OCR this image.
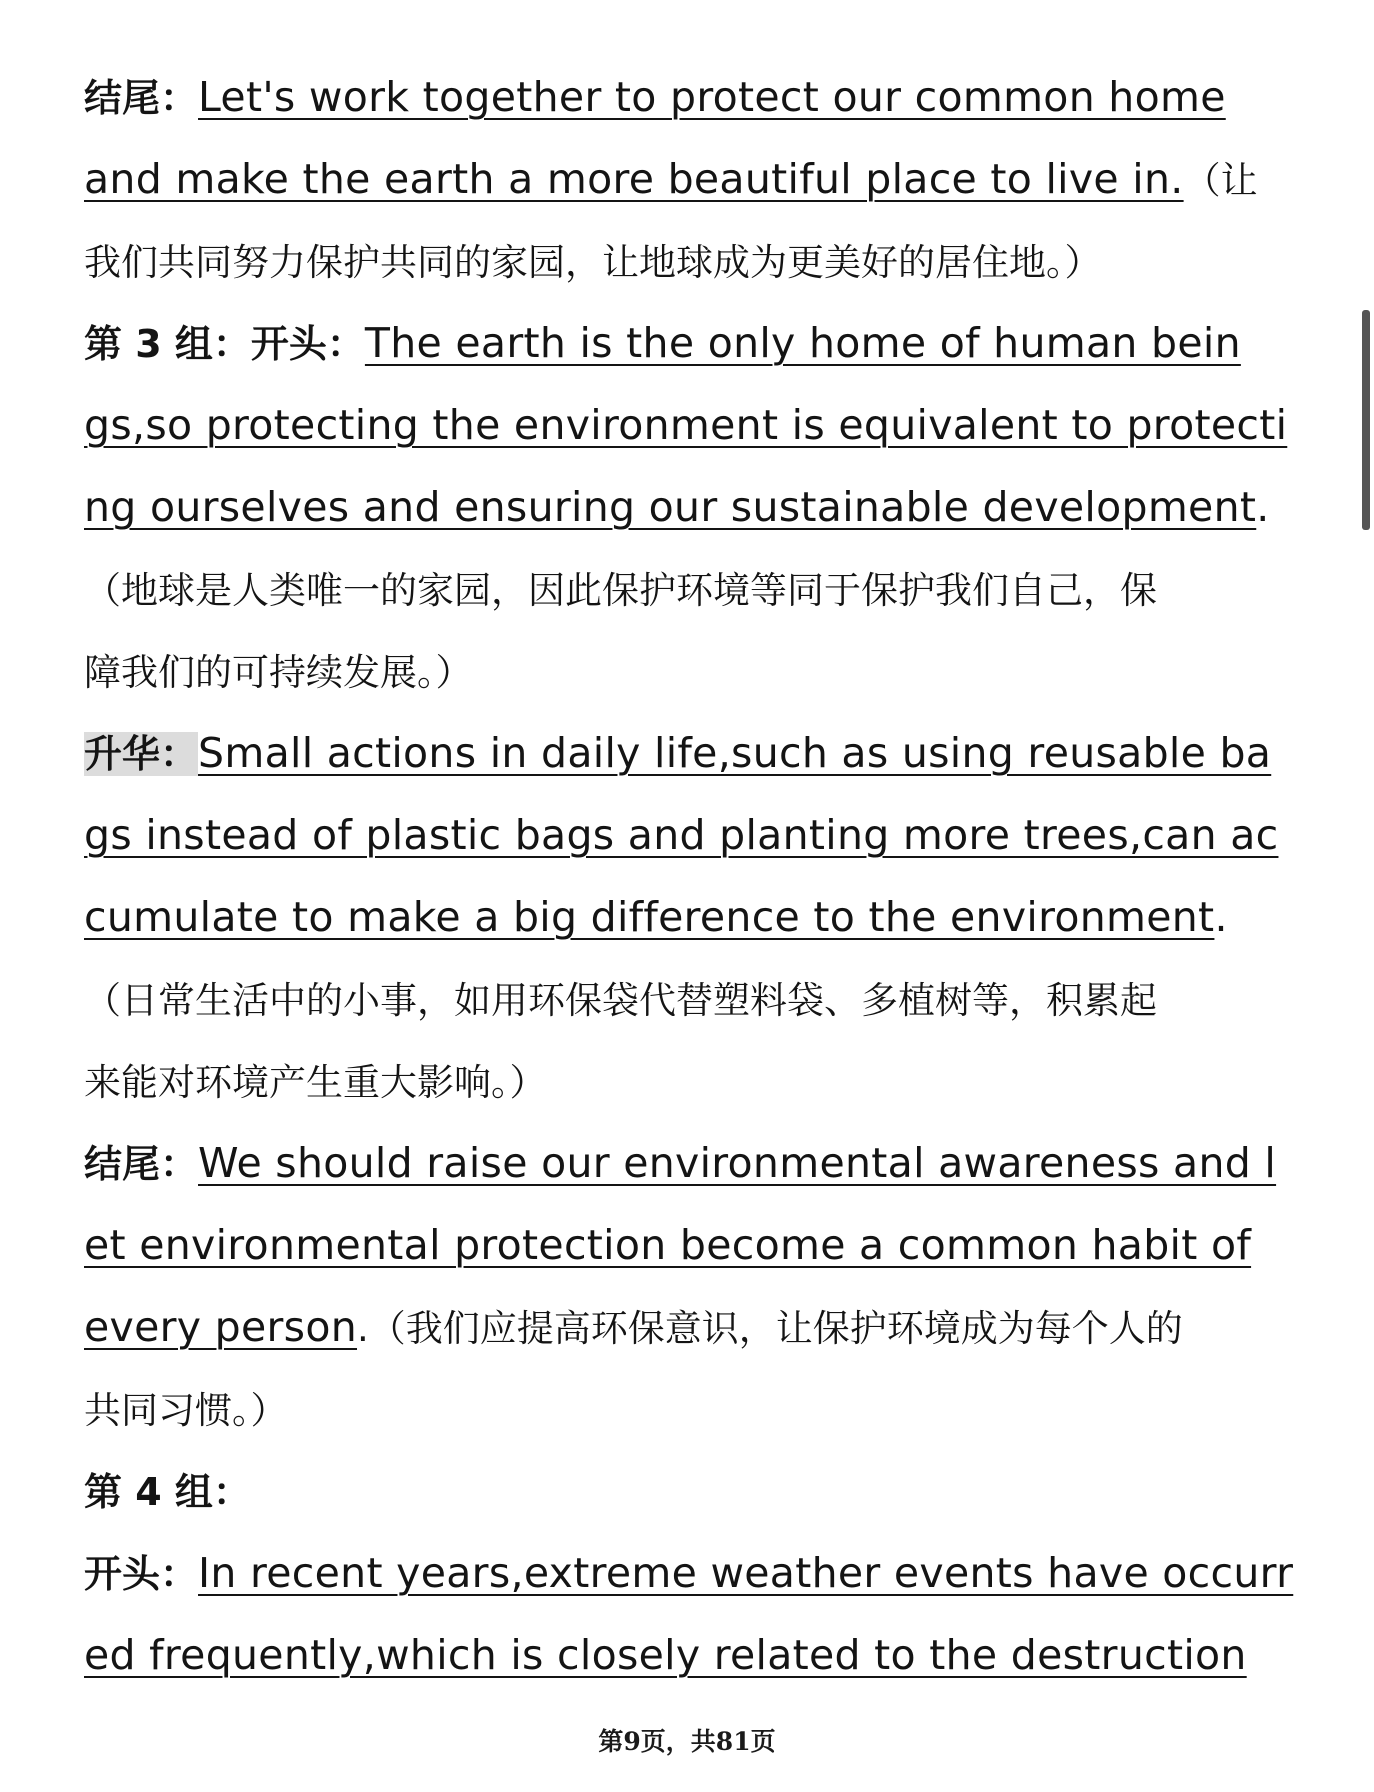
结尾：Let's work together to protect our common home
and make the earth a more beautiful place to live in.（让
我们共同努力保护共同的家园，让地球成为更美好的居住地。）
第 3 组：开头：The earth is the only home of human bein
gs,so protecting the environment is equivalent to protecti
ng ourselves and ensuring our sustainable development.
（地球是人类唯一的家园，因此保护环境等同于保护我们自己，保
障我们的可持续发展。）
升华：Small actions in daily life,such as using reusable ba
gs instead of plastic bags and planting more trees,can ac
cumulate to make a big difference to the environment.
（日常生活中的小事，如用环保袋代替塑料袋、多植树等，积累起
来能对环境产生重大影响。）
结尾：We should raise our environmental awareness and l
et environmental protection become a common habit of
every person.（我们应提高环保意识，让保护环境成为每个人的
共同习惯。）
第 4 组：
开头：In recent years,extreme weather events have occurr
ed frequently,which is closely related to the destruction
第9页，共81页
